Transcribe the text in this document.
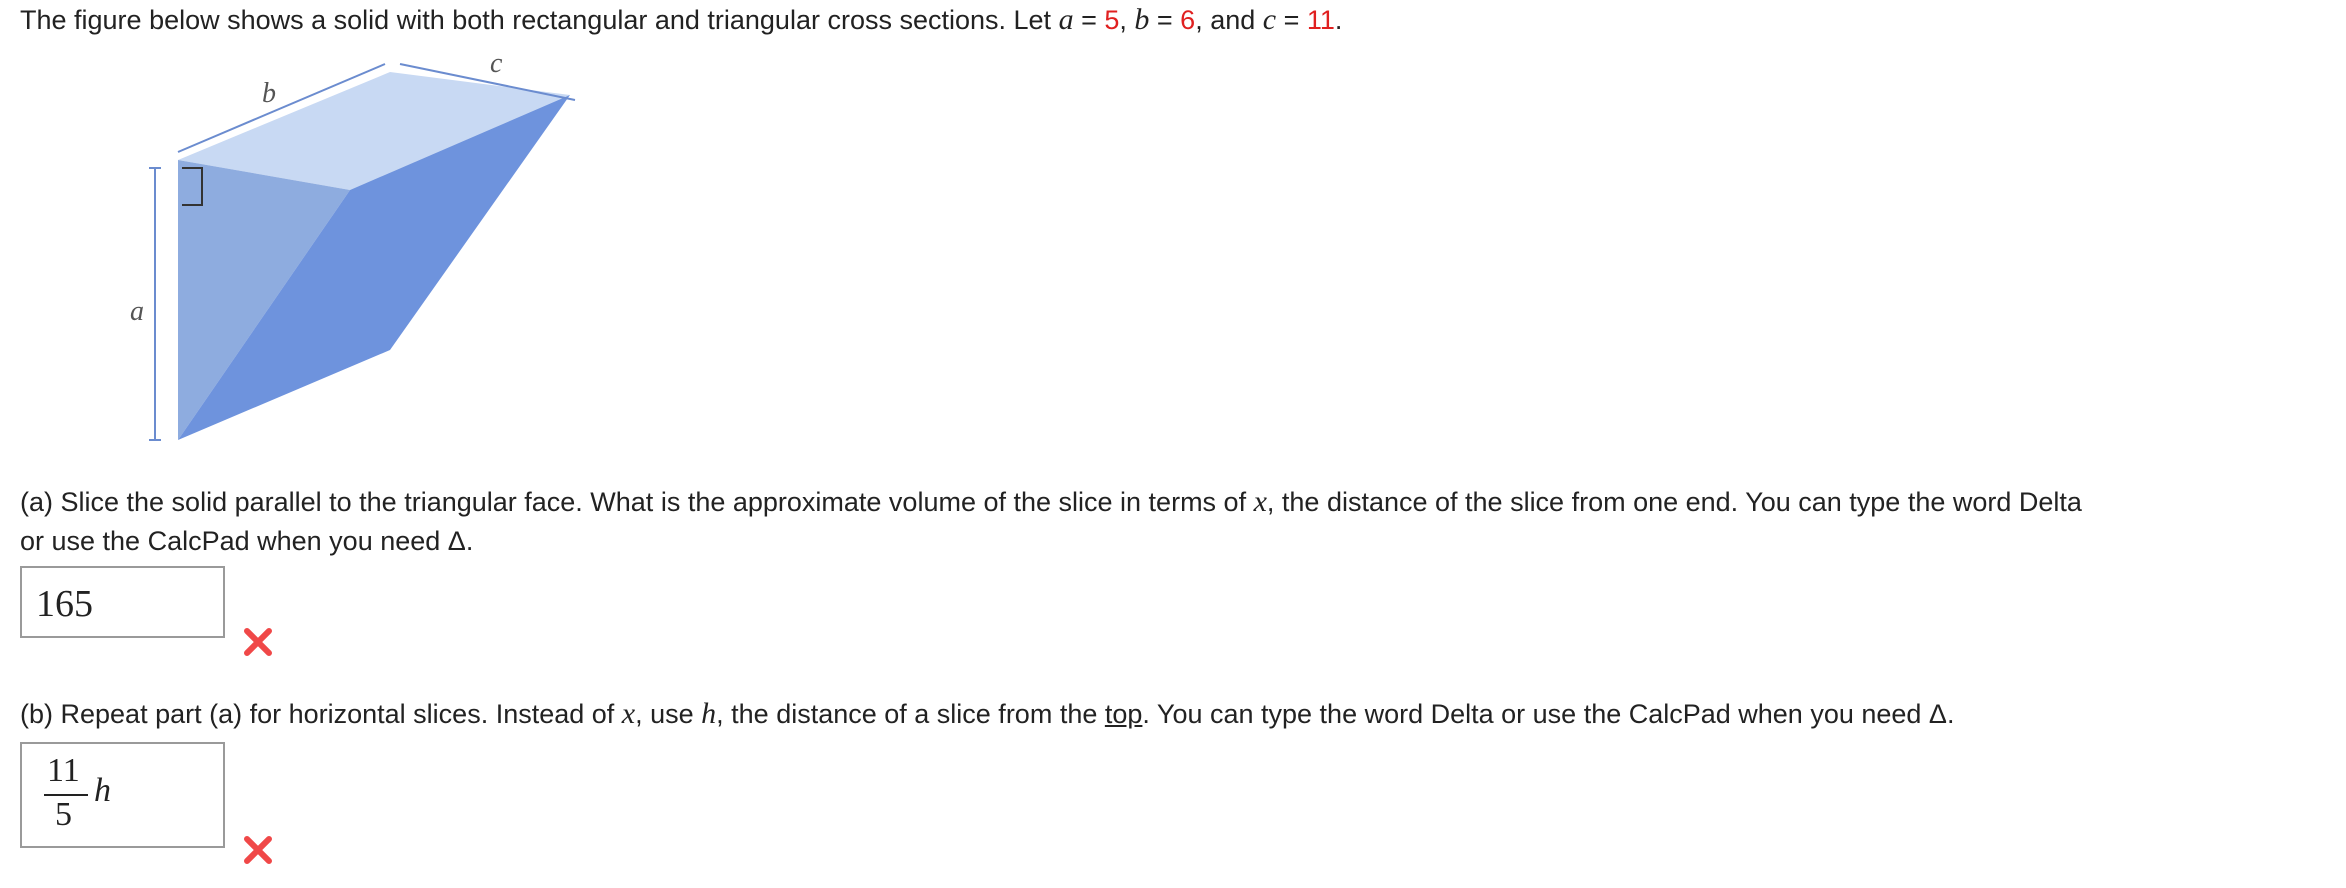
The figure below shows a solid with both rectangular and triangular cross sections. Let a = 5, b = 6, and c = 11.
a
b
c
(a) Slice the solid parallel to the triangular face. What is the approximate volume of the slice in terms of x, the distance of the slice from one end. You can type the word Delta
or use the CalcPad when you need Δ.
165
(b) Repeat part (a) for horizontal slices. Instead of x, use h, the distance of a slice from the top. You can type the word Delta or use the CalcPad when you need Δ.
11
5
h
